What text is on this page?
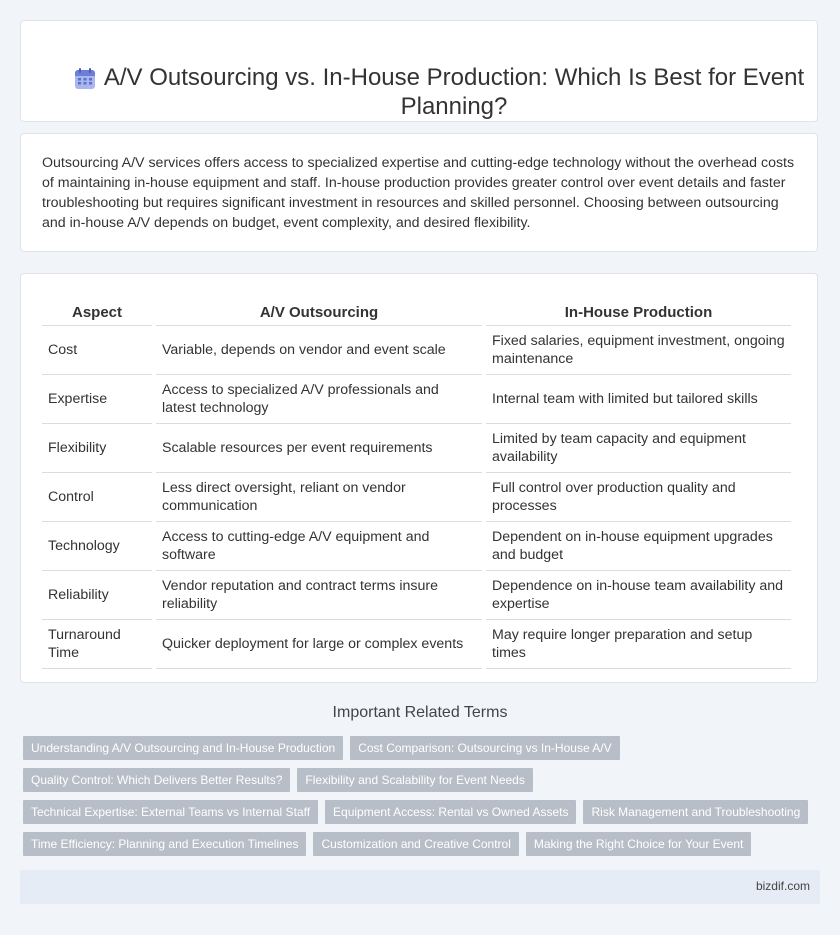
A/V Outsourcing vs. In-House Production: Which Is Best for Event Planning?

Outsourcing A/V services offers access to specialized expertise and cutting-edge technology without the overhead costs of maintaining in-house equipment and staff. In-house production provides greater control over event details and faster troubleshooting but requires significant investment in resources and skilled personnel. Choosing between outsourcing and in-house A/V depends on budget, event complexity, and desired flexibility.

Aspect	A/V Outsourcing	In-House Production
Cost	Variable, depends on vendor and event scale	Fixed salaries, equipment investment, ongoing maintenance
Expertise	Access to specialized A/V professionals and latest technology	Internal team with limited but tailored skills
Flexibility	Scalable resources per event requirements	Limited by team capacity and equipment availability
Control	Less direct oversight, reliant on vendor communication	Full control over production quality and processes
Technology	Access to cutting-edge A/V equipment and software	Dependent on in-house equipment upgrades and budget
Reliability	Vendor reputation and contract terms insure reliability	Dependence on in-house team availability and expertise
Turnaround Time	Quicker deployment for large or complex events	May require longer preparation and setup times
Important Related Terms
Understanding A/V Outsourcing and In-House Production	Cost Comparison: Outsourcing vs In-House A/V
Quality Control: Which Delivers Better Results?	Flexibility and Scalability for Event Needs
Technical Expertise: External Teams vs Internal Staff	Equipment Access: Rental vs Owned Assets	Risk Management and Troubleshooting
Time Efficiency: Planning and Execution Timelines	Customization and Creative Control	Making the Right Choice for Your Event
bizdif.com
